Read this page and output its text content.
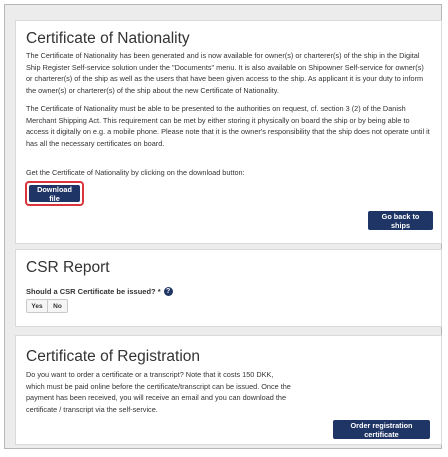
Certificate of Nationality

The Certificate of Nationality has been generated and is now available for owner(s) or charterer(s) of the ship in the Digital Ship Register Self-service solution under the "Documents" menu. It is also available on Shipowner Self-service for owner(s) or charterer(s) of the ship as well as the users that have been given access to the ship. As applicant it is your duty to inform the owner(s) or charterer(s) of the ship about the new Certificate of Nationality.

The Certificate of Nationality must be able to be presented to the authorities on request, cf. section 3 (2) of the Danish Merchant Shipping Act. This requirement can be met by either storing it physically on board the ship or by being able to access it digitally on e.g. a mobile phone. Please note that it is the owner's responsibility that the ship does not operate until it has all the necessary certificates on board.

Get the Certificate of Nationality by clicking on the download button:

Download file
Go back to ships
CSR Report
Should a CSR Certificate be issued? * ?
Yes	No
Certificate of Registration

Do you want to order a certificate or a transcript? Note that it costs 150 DKK, which must be paid online before the certificate/transcript can be issued. Once the payment has been received, you will receive an email and you can download the certificate / transcript via the self-service.

Order registration certificate
